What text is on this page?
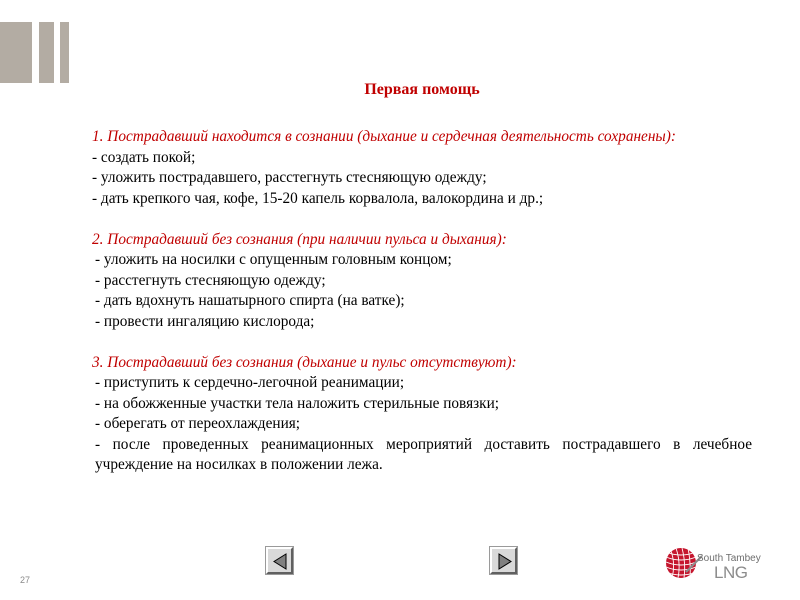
Первая помощь

1. Пострадавший находится в сознании (дыхание и сердечная деятельность сохранены):

- создать покой;

- уложить пострадавшего, расстегнуть стесняющую одежду;

- дать крепкого чая, кофе, 15-20 капель корвалола, валокордина и др.;

2. Пострадавший без сознания (при наличии пульса и дыхания):

- уложить на носилки с опущенным головным концом;

- расстегнуть стесняющую одежду;

- дать вдохнуть нашатырного спирта (на ватке);

- провести ингаляцию кислорода;

3. Пострадавший без сознания (дыхание и пульс отсутствуют):

- приступить к сердечно-легочной реанимации;

- на обожженные участки тела наложить стерильные повязки;

- оберегать от переохлаждения;

- после проведенных реанимационных мероприятий доставить пострадавшего в лечебное учреждение на носилках в положении лежа.

27
South Tambey
LNG
